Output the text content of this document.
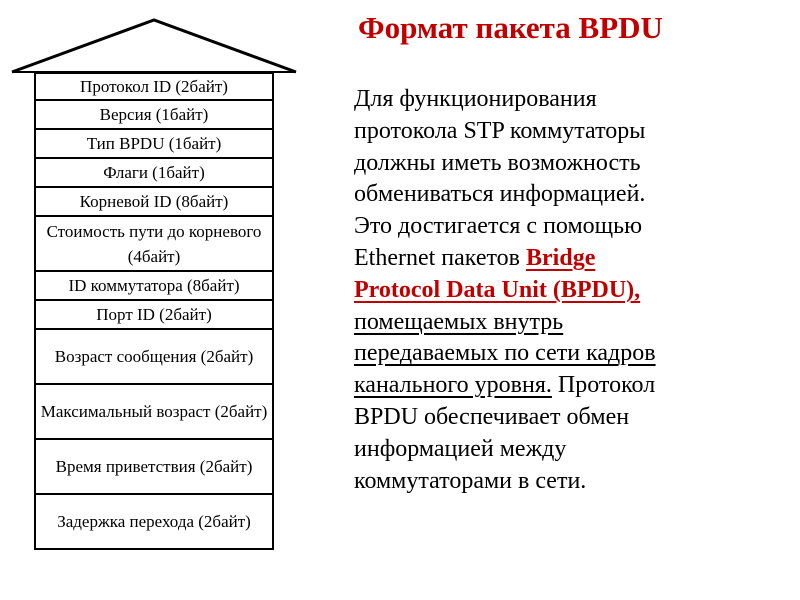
Формат пакета BPDU
Протокол ID (2байт)
Версия (1байт)
Тип BPDU (1байт)
Флаги (1байт)
Корневой ID (8байт)
Стоимость пути до корневого (4байт)
ID коммутатора (8байт)
Порт ID (2байт)
Возраст сообщения (2байт)
Максимальный возраст (2байт)
Время приветствия (2байт)
Задержка перехода (2байт)
Для функционирования
протокола STP коммутаторы
должны иметь возможность
обмениваться информацией.
Это достигается с помощью
Ethernet пакетов Bridge
Protocol Data Unit (BPDU),
помещаемых внутрь
передаваемых по сети кадров
канального уровня. Протокол
BPDU обеспечивает обмен
информацией между
коммутаторами в сети.
